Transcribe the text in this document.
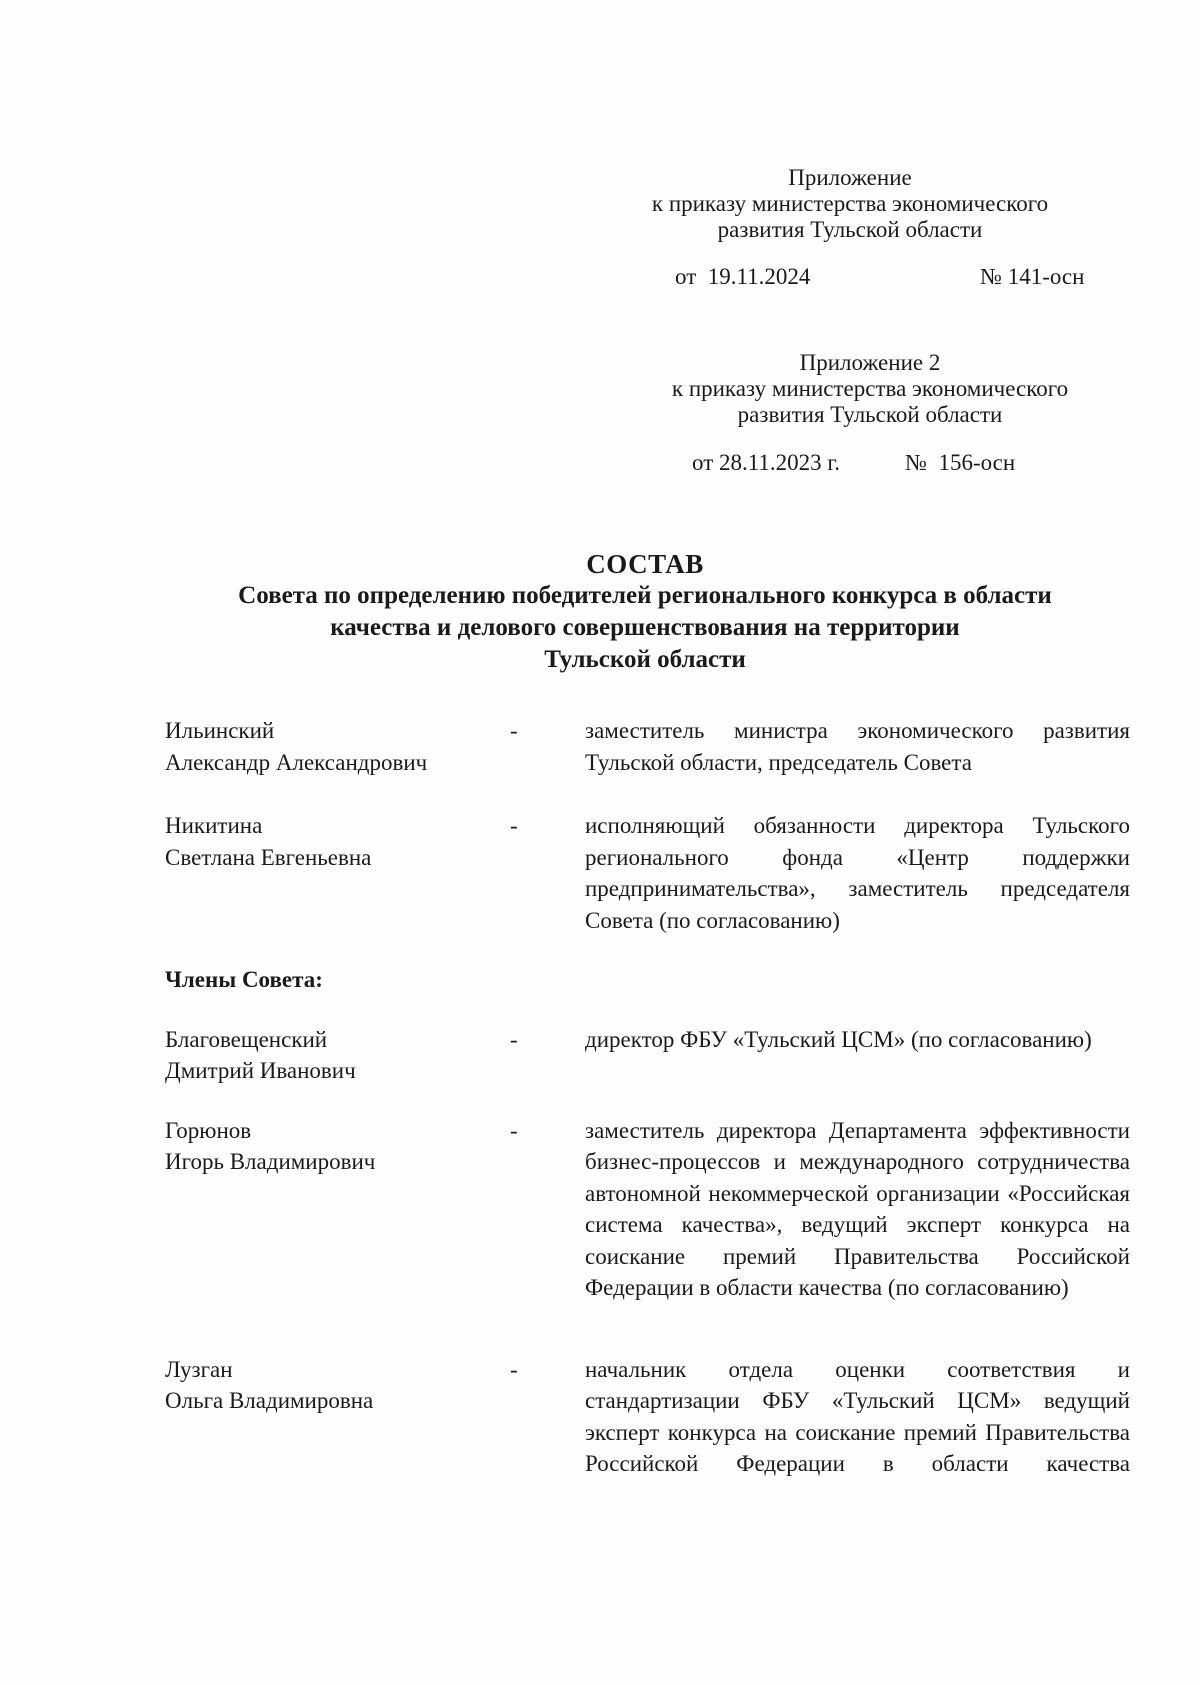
Приложение
к приказу министерства экономического
развития Тульской области
от  19.11.2024	№ 141-осн
Приложение 2
к приказу министерства экономического
развития Тульской области
от 28.11.2023 г.	№  156-осн
СОСТАВ
Совета по определению победителей регионального конкурса в области
качества и делового совершенствования на территории
Тульской области
Ильинский
Александр Александрович
-	заместитель министра экономического развития Тульской области, председатель Совета
Никитина
Светлана Евгеньевна
-	исполняющий обязанности директора Тульского регионального фонда «Центр поддержки предпринимательства», заместитель председателя Совета (по согласованию)
Члены Совета:
Благовещенский
Дмитрий Иванович
-	директор ФБУ «Тульский ЦСМ» (по согласованию)
Горюнов
Игорь Владимирович
-	заместитель директора Департамента эффективности бизнес-процессов и международного сотрудничества автономной некоммерческой организации «Российская система качества», ведущий эксперт конкурса на соискание премий Правительства Российской Федерации в области качества (по согласованию)
Лузган
Ольга Владимировна
-	начальник отдела оценки соответствия и стандартизации ФБУ «Тульский ЦСМ» ведущий эксперт конкурса на соискание премий Правительства Российской Федерации в области качества
